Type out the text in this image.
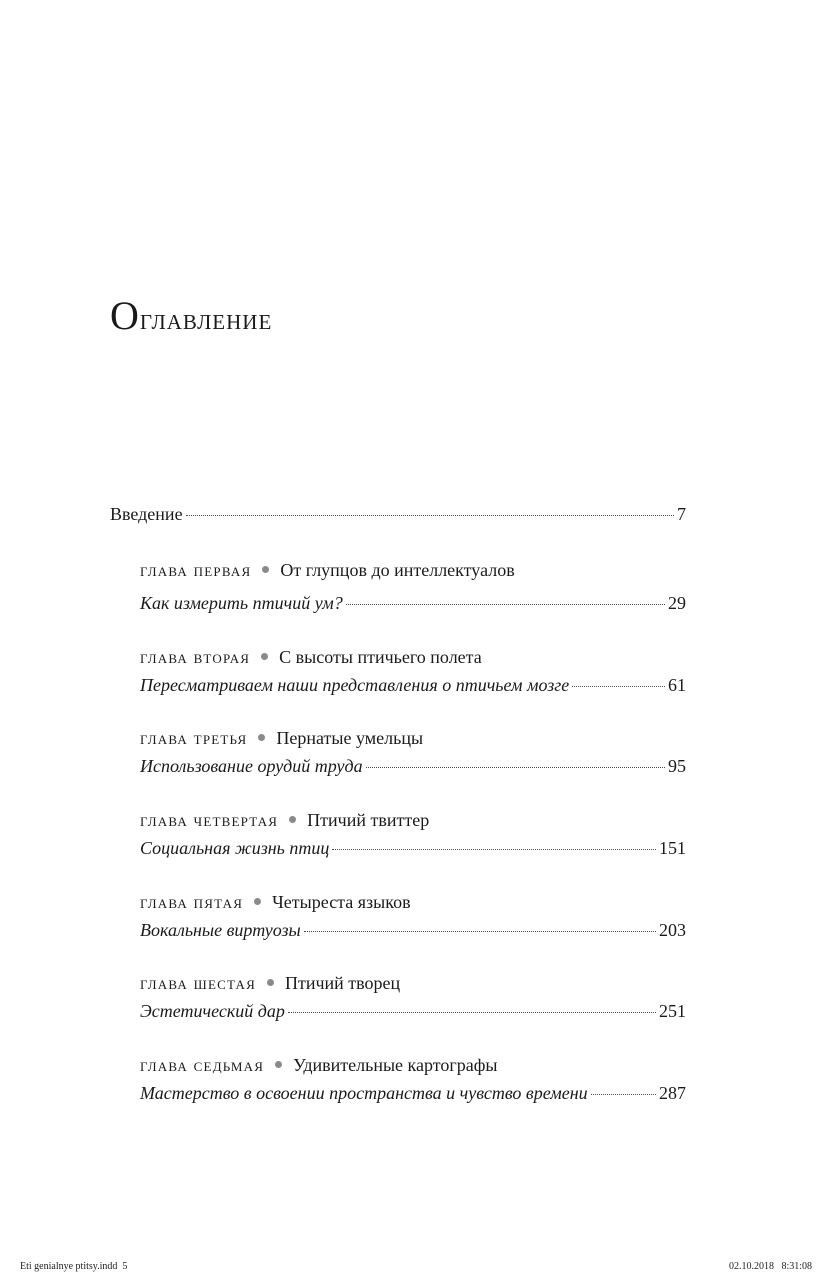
Оглавление
Введение	7
глава первая От глупцов до интеллектуалов
Как измерить птичий ум?	29
глава вторая С высоты птичьего полета
Пересматриваем наши представления о птичьем мозге	61
глава третья Пернатые умельцы
Использование орудий труда	95
глава четвертая Птичий твиттер
Социальная жизнь птиц	151
глава пятая Четыреста языков
Вокальные виртуозы	203
глава шестая Птичий творец
Эстетический дар	251
глава седьмая Удивительные картографы
Мастерство в освоении пространства и чувство времени	287
Eti genialnye ptitsy.indd 5	02.10.2018 8:31:08
